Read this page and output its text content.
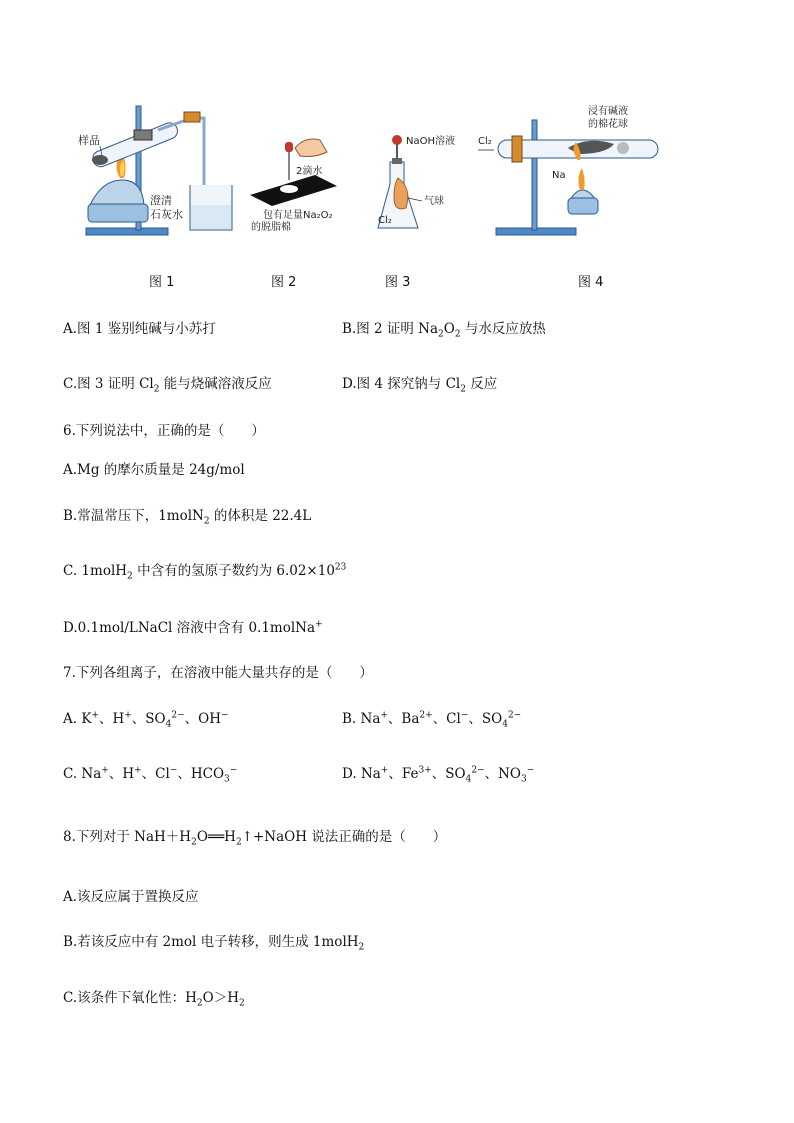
样品
澄清
石灰水
图 1
2滴水
包有足量Na₂O₂
的脱脂棉
图 2
NaOH溶液
气球
Cl₂
图 3
Cl₂
浸有碱液
的棉花球
Na
图 4
A.图 1 鉴别纯碱与小苏打	B.图 2 证明 $Na_2O_2$ 与水反应放热
C.图 3 证明 $Cl_2$ 能与烧碱溶液反应	D.图 4 探究钠与 $Cl_2$ 反应
6.下列说法中，正确的是（　　）
A.Mg 的摩尔质量是 24g/mol
B.常温常压下，1molN$_2$ 的体积是 22.4L
C. 1molH$_2$ 中含有的氢原子数约为 $6.02\times 10^{23}$
D.0.1mol/LNaCl 溶液中含有 0.1molNa+
7.下列各组离子，在溶液中能大量共存的是（　　）
A. K+、H+、$SO_4^{2-}$、OH−	B. Na+、$Ba^{2+}$、Cl−、$SO_4^{2-}$
C. Na+、H+、Cl−、$HCO_3^-$	D. Na+、$Fe^{3+}$、$SO_4^{2-}$、$NO_3^-$
8.下列对于 $NaH+H_2O══H_2↑+NaOH$ 说法正确的是（　　）
A.该反应属于置换反应
B.若该反应中有 2mol 电子转移，则生成 1molH$_2$
C.该条件下氧化性：$H_2O>H_2$
